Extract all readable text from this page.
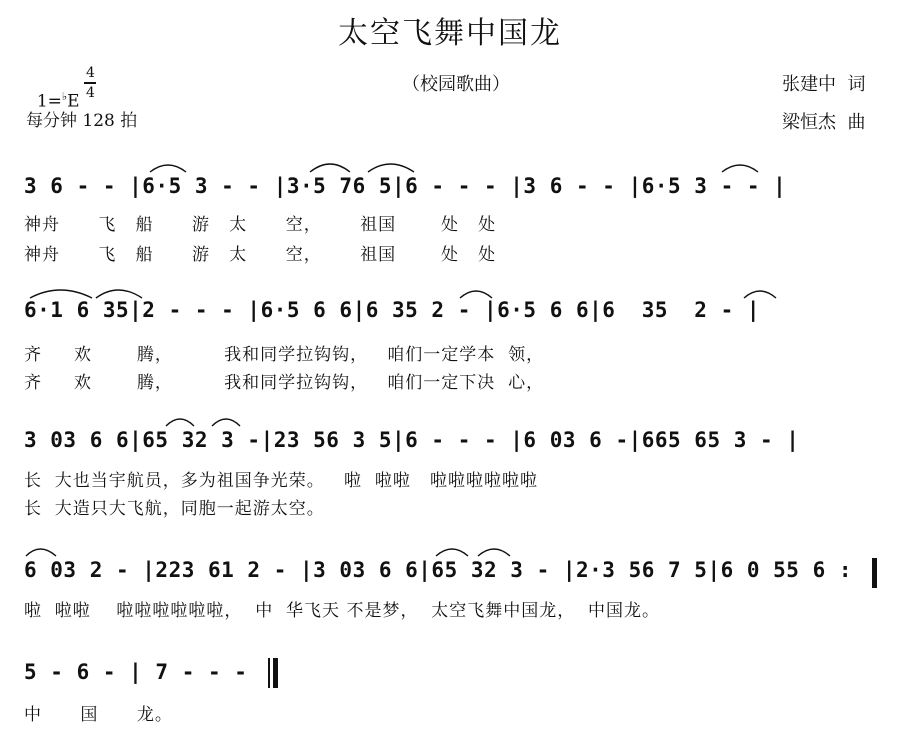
太空飞舞中国龙

1=♭E

4
4
每分钟 128 拍
（校园歌曲）	张建中  词
梁恒杰  曲
3 6 - - |6·5 3 - - |3·5 76 5|6 - - - |3 6 - - |6·5 3 - - |
神舟      飞   船      游   太      空，      祖国       处   处
神舟      飞   船      游   太      空，      祖国       处   处
6·1 6 35|2 - - - |6·5 6 6|6 35 2 - |6·5 6 6|6  35  2 - |
齐     欢       腾，        我和同学拉钩钩，   咱们一定学本  领，
齐     欢       腾，        我和同学拉钩钩，   咱们一定下决  心，
3 03 6 6|65 32 3 -|23 56 3 5|6 - - - |6 03 6 -|665 65 3 - |
长  大也当宇航员，多为祖国争光荣。   啦  啦啦   啦啦啦啦啦啦
长  大造只大飞航，同胞一起游太空。
6 03 2 - |223 61 2 - |3 03 6 6|65 32 3 - |2·3 56 7 5|6 0 55 6 :
啦  啦啦    啦啦啦啦啦啦，  中  华飞天 不是梦，  太空飞舞中国龙，  中国龙。
5 - 6 - | 7 - - -
中      国      龙。
